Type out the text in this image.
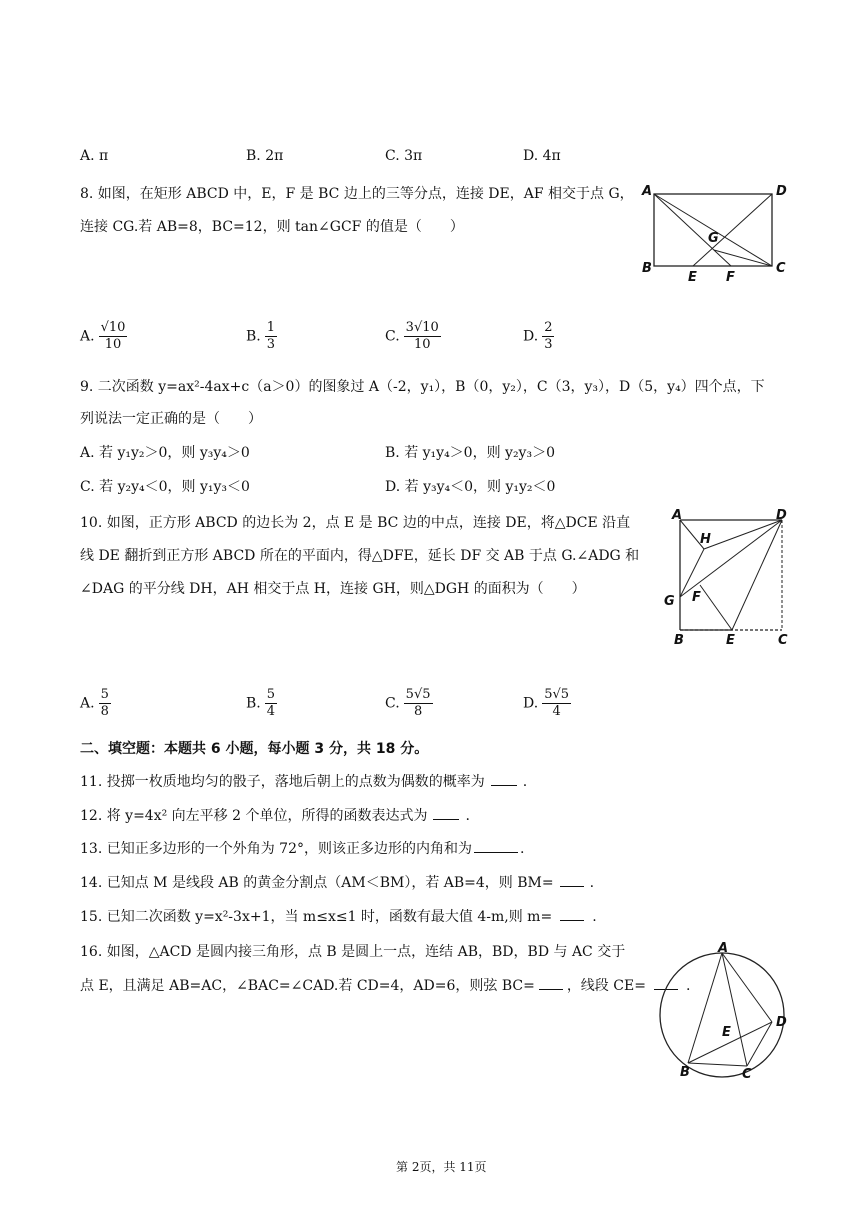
A. π	B. 2π	C. 3π	D. 4π
8. 如图，在矩形 ABCD 中，E，F 是 BC 边上的三等分点，连接 DE，AF 相交于点 G，
连接 CG.若 AB=8，BC=12，则 tan∠GCF 的值是（　　）
A	D
G
B
E F
C
A. $\frac{√10}{10}$	B. $\frac{1}{3}$	C. $\frac{3√10}{10}$	D. $\frac{2}{3}$
9. 二次函数 y=ax²-4ax+c（a＞0）的图象过 A（-2，y₁），B（0，y₂），C（3，y₃），D（5，y₄）四个点，下
列说法一定正确的是（　　）
A. 若 y₁y₂＞0，则 y₃y₄＞0	B. 若 y₁y₄＞0，则 y₂y₃＞0
C. 若 y₂y₄＜0，则 y₁y₃＜0	D. 若 y₃y₄＜0，则 y₁y₂＜0
10. 如图，正方形 ABCD 的边长为 2，点 E 是 BC 边的中点，连接 DE，将△DCE 沿直
线 DE 翻折到正方形 ABCD 所在的平面内，得△DFE，延长 DF 交 AB 于点 G.∠ADG 和
∠DAG 的平分线 DH，AH 相交于点 H，连接 GH，则△DGH 的面积为（　　）
A	D
H
G F
B	E	C
A. $\frac{5}{8}$	B. $\frac{5}{4}$	C. $\frac{5√5}{8}$	D. $\frac{5√5}{4}$
二、填空题：本题共 6 小题，每小题 3 分，共 18 分。
11. 投掷一枚质地均匀的骰子，落地后朝上的点数为偶数的概率为	.
12. 将 y=4x² 向左平移 2 个单位，所得的函数表达式为	.
13. 已知正多边形的一个外角为 72°，则该正多边形的内角和为	.
14. 已知点 M 是线段 AB 的黄金分割点（AM＜BM），若 AB=4，则 BM=	.
15. 已知二次函数 y=x²-3x+1，当 m≤x≤1 时，函数有最大值 4-m,则 m=	.
16. 如图，△ACD 是圆内接三角形，点 B 是圆上一点，连结 AB，BD，BD 与 AC 交于
点 E，且满足 AB=AC，∠BAC=∠CAD.若 CD=4，AD=6，则弦 BC= ，线段 CE=	.
A
D
E
B	C
第 2页，共 11页
